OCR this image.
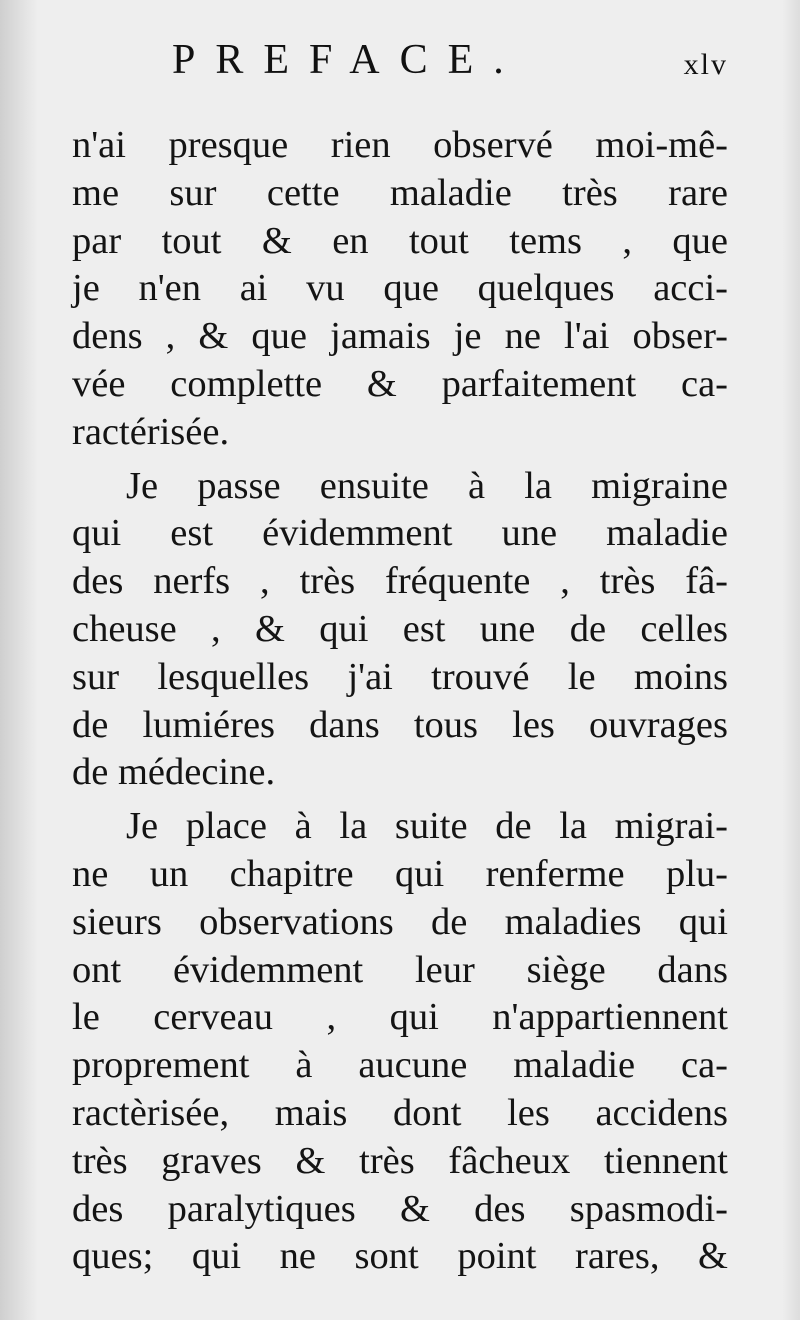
PREFACE.	xlv
n'ai presque rien observé moi-mê-
me sur cette maladie très rare
par tout & en tout tems , que
je n'en ai vu que quelques acci-
dens , & que jamais je ne l'ai obser-
vée complette & parfaitement ca-
ractérisée.
Je passe ensuite à la migraine
qui est évidemment une maladie
des nerfs , très fréquente , très fâ-
cheuse , & qui est une de celles
sur lesquelles j'ai trouvé le moins
de lumiéres dans tous les ouvrages
de médecine.
Je place à la suite de la migrai-
ne un chapitre qui renferme plu-
sieurs observations de maladies qui
ont évidemment leur siège dans
le cerveau , qui n'appartiennent
proprement à aucune maladie ca-
ractèrisée, mais dont les accidens
très graves & très fâcheux tiennent
des paralytiques & des spasmodi-
ques; qui ne sont point rares, &
